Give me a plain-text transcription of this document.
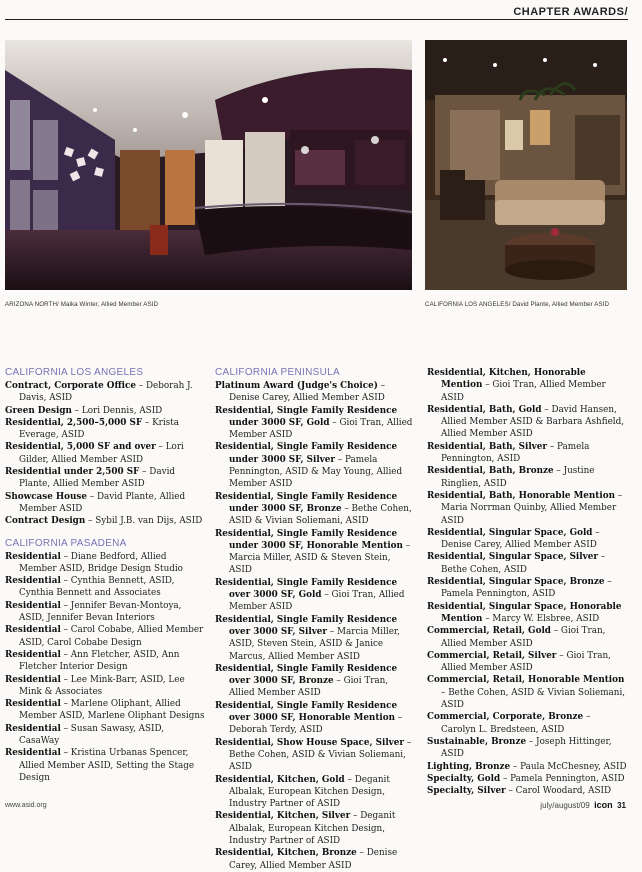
CHAPTER AWARDS/
ARIZONA NORTH/ Maika Winter, Allied Member ASID	CALIFORNIA LOS ANGELES/ David Plante, Allied Member ASID
CALIFORNIA LOS ANGELES
Contract, Corporate Office – Deborah J. Davis, ASID
Green Design – Lori Dennis, ASID
Residential, 2,500–5,000 SF – Krista Everage, ASID
Residential, 5,000 SF and over – Lori Gilder, Allied Member ASID
Residential under 2,500 SF – David Plante, Allied Member ASID
Showcase House – David Plante, Allied Member ASID
Contract Design – Sybil J.B. van Dijs, ASID
CALIFORNIA PASADENA
Residential – Diane Bedford, Allied Member ASID, Bridge Design Studio
Residential – Cynthia Bennett, ASID, Cynthia Bennett and Associates
Residential – Jennifer Bevan-Montoya, ASID, Jennifer Bevan Interiors
Residential – Carol Cobabe, Allied Member ASID, Carol Cobabe Design
Residential – Ann Fletcher, ASID, Ann Fletcher Interior Design
Residential – Lee Mink-Barr, ASID, Lee Mink & Associates
Residential – Marlene Oliphant, Allied Member ASID, Marlene Oliphant Designs
Residential – Susan Sawasy, ASID, CasaWay
Residential – Kristina Urbanas Spencer, Allied Member ASID, Setting the Stage Design
CALIFORNIA PENINSULA
Platinum Award (Judge's Choice) – Denise Carey, Allied Member ASID
Residential, Single Family Residence under 3000 SF, Gold – Gioi Tran, Allied Member ASID
Residential, Single Family Residence under 3000 SF, Silver – Pamela Pennington, ASID & May Young, Allied Member ASID
Residential, Single Family Residence under 3000 SF, Bronze – Bethe Cohen, ASID & Vivian Soliemani, ASID
Residential, Single Family Residence under 3000 SF, Honorable Mention – Marcia Miller, ASID & Steven Stein, ASID
Residential, Single Family Residence over 3000 SF, Gold – Gioi Tran, Allied Member ASID
Residential, Single Family Residence over 3000 SF, Silver – Marcia Miller, ASID, Steven Stein, ASID & Janice Marcus, Allied Member ASID
Residential, Single Family Residence over 3000 SF, Bronze – Gioi Tran, Allied Member ASID
Residential, Single Family Residence over 3000 SF, Honorable Mention – Deborah Terdy, ASID
Residential, Show House Space, Silver – Bethe Cohen, ASID & Vivian Soliemani, ASID
Residential, Kitchen, Gold – Deganit Albalak, European Kitchen Design, Industry Partner of ASID
Residential, Kitchen, Silver – Deganit Albalak, European Kitchen Design, Industry Partner of ASID
Residential, Kitchen, Bronze – Denise Carey, Allied Member ASID
Residential, Kitchen, Honorable Mention – Gioi Tran, Allied Member ASID
Residential, Bath, Gold – David Hansen, Allied Member ASID & Barbara Ashfield, Allied Member ASID
Residential, Bath, Silver – Pamela Pennington, ASID
Residential, Bath, Bronze – Justine Ringlien, ASID
Residential, Bath, Honorable Mention – Maria Norrman Quinby, Allied Member ASID
Residential, Singular Space, Gold – Denise Carey, Allied Member ASID
Residential, Singular Space, Silver – Bethe Cohen, ASID
Residential, Singular Space, Bronze – Pamela Pennington, ASID
Residential, Singular Space, Honorable Mention – Marcy W. Elsbree, ASID
Commercial, Retail, Gold – Gioi Tran, Allied Member ASID
Commercial, Retail, Silver – Gioi Tran, Allied Member ASID
Commercial, Retail, Honorable Mention – Bethe Cohen, ASID & Vivian Soliemani, ASID
Commercial, Corporate, Bronze – Carolyn L. Bredsteen, ASID
Sustainable, Bronze – Joseph Hittinger, ASID
Lighting, Bronze – Paula McChesney, ASID
Specialty, Gold – Pamela Pennington, ASID
Specialty, Silver – Carol Woodard, ASID
www.asid.org	july/august/09 icon 31
